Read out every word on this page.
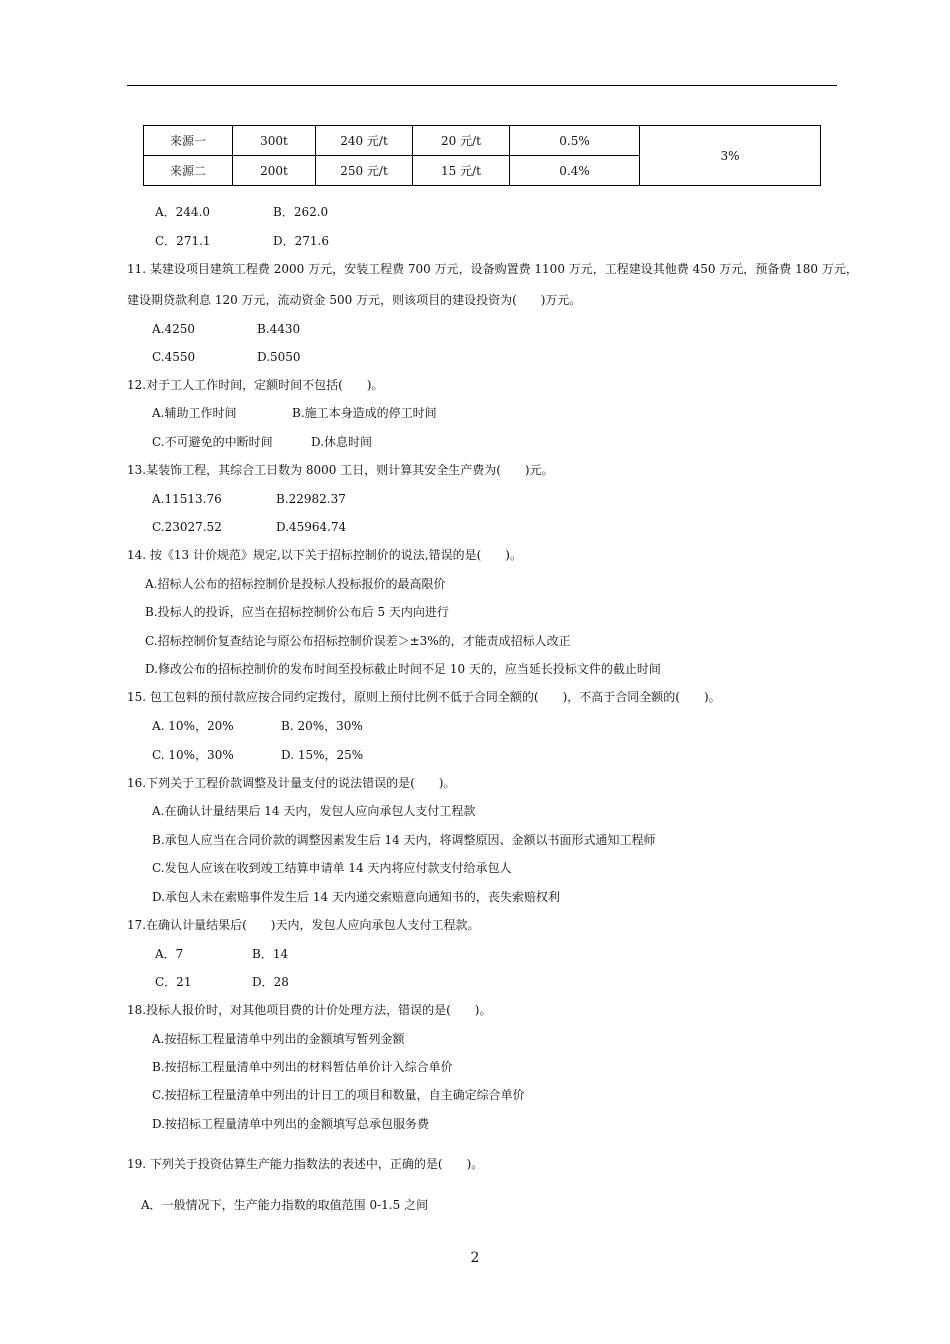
来源一	300t	240 元/t	20 元/t	0.5%	3%
来源二	200t	250 元/t	15 元/t	0.4%	
A．244.0	B．262.0
C．271.1	D．271.6
11. 某建设项目建筑工程费 2000 万元，安装工程费 700 万元，设备购置费 1100 万元，工程建设其他费 450 万元，预备费 180 万元，
建设期贷款利息 120 万元，流动资金 500 万元，则该项目的建设投资为(　　)万元。
A.4250	B.4430
C.4550	D.5050
12.对于工人工作时间，定额时间不包括(　　)。
A.辅助工作时间	B.施工本身造成的停工时间
C.不可避免的中断时间	D.休息时间
13.某装饰工程，其综合工日数为 8000 工日，则计算其安全生产费为(　　)元。
A.11513.76	B.22982.37
C.23027.52	D.45964.74
14. 按《13 计价规范》规定,以下关于招标控制价的说法,错误的是(　　)。
A.招标人公布的招标控制价是投标人投标报价的最高限价
B.投标人的投诉，应当在招标控制价公布后 5 天内向进行
C.招标控制价复查结论与原公布招标控制价误差＞±3%的，才能责成招标人改正
D.修改公布的招标控制价的发布时间至投标截止时间不足 10 天的，应当延长投标文件的截止时间
15. 包工包料的预付款应按合同约定拨付，原则上预付比例不低于合同全额的(　　)，不高于合同全额的(　　)。
A. 10%，20%	B. 20%，30%
C. 10%，30%	D. 15%，25%
16.下列关于工程价款调整及计量支付的说法错误的是(　　)。
A.在确认计量结果后 14 天内，发包人应向承包人支付工程款
B.承包人应当在合同价款的调整因素发生后 14 天内，将调整原因、金额以书面形式通知工程师
C.发包人应该在收到竣工结算申请单 14 天内将应付款支付给承包人
D.承包人未在索赔事件发生后 14 天内递交索赔意向通知书的，丧失索赔权利
17.在确认计量结果后(　　)天内，发包人应向承包人支付工程款。
A．7	B．14
C．21	D．28
18.投标人报价时，对其他项目费的计价处理方法，错误的是(　　)。
A.按招标工程量清单中列出的金额填写暂列金额
B.按招标工程量清单中列出的材料暂估单价计入综合单价
C.按招标工程量清单中列出的计日工的项目和数量，自主确定综合单价
D.按招标工程量清单中列出的金额填写总承包服务费
19. 下列关于投资估算生产能力指数法的表述中，正确的是(　　)。
A．一般情况下，生产能力指数的取值范围 0-1.5 之间
2
